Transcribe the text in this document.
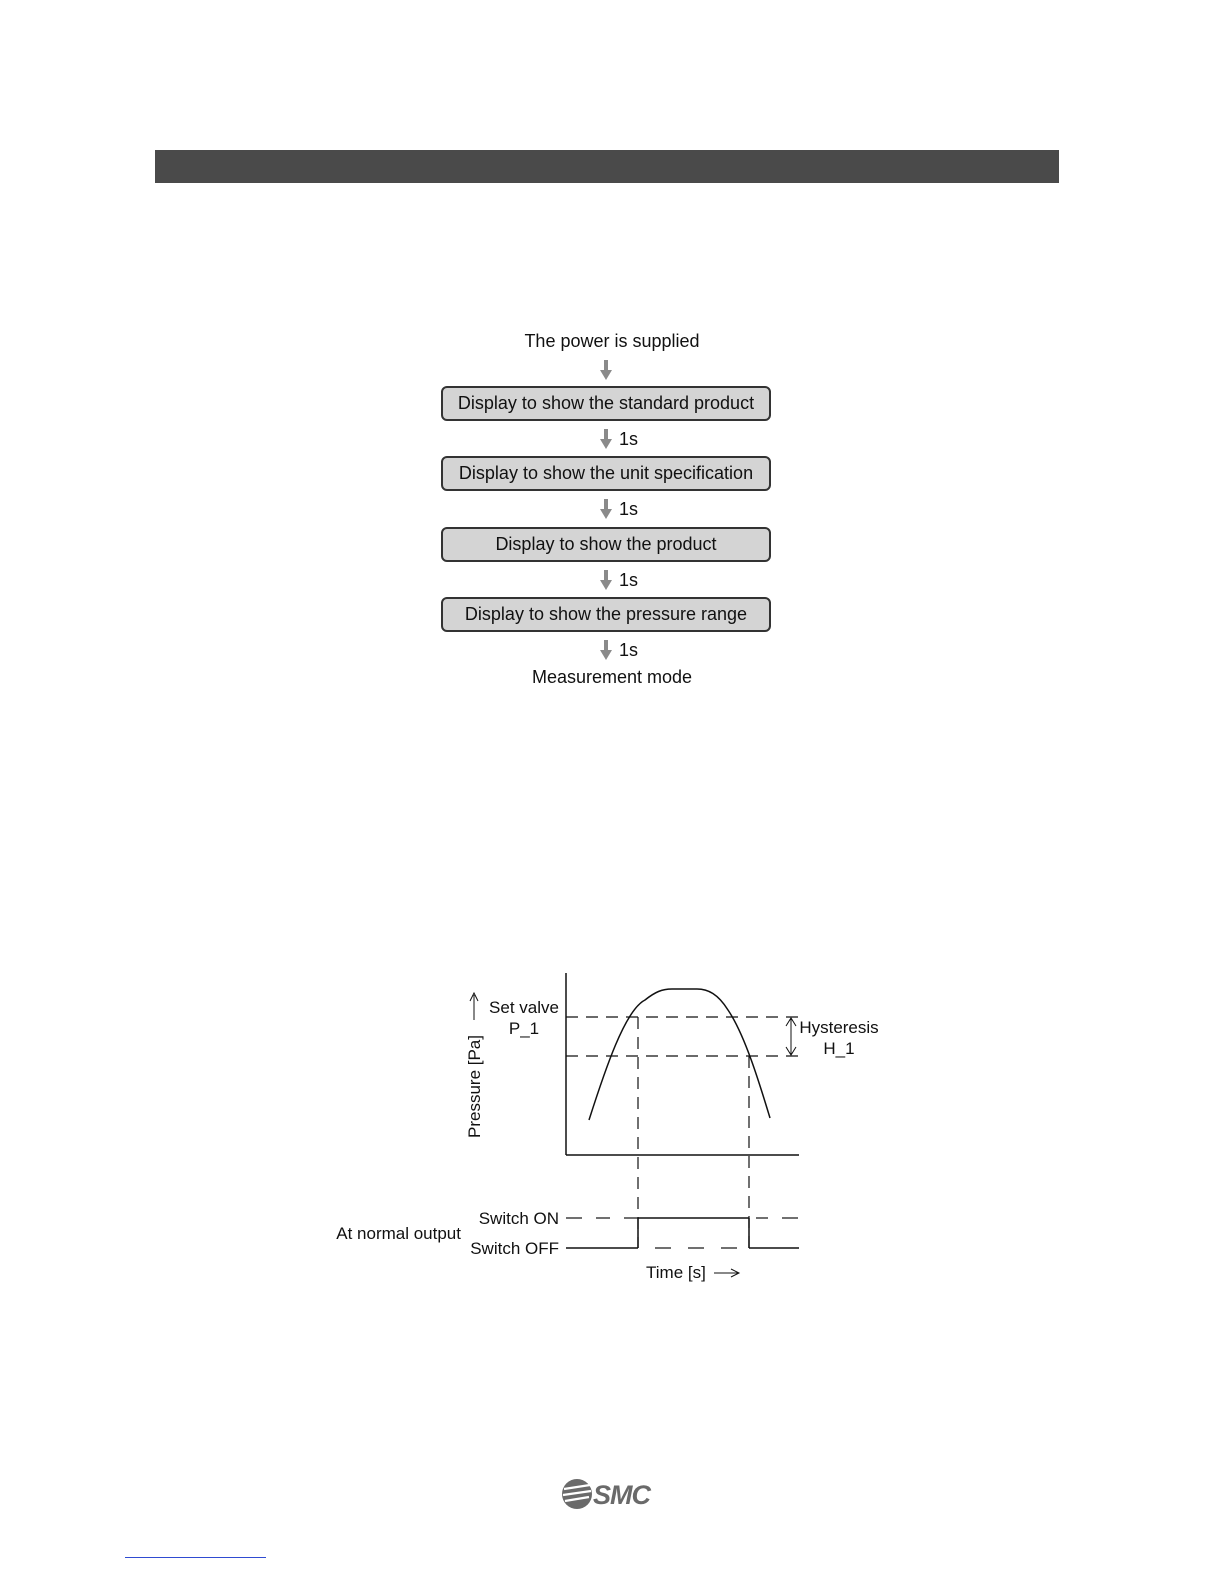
The power is supplied
Display to show the standard product
1s
Display to show the unit specification
1s
Display to show the product
1s
Display to show the pressure range
1s
Measurement mode
Pressure [Pa]
Set valve
P_1	Hysteresis
H_1
At normal output
Switch ON
Switch OFF
Time [s]
SMC
